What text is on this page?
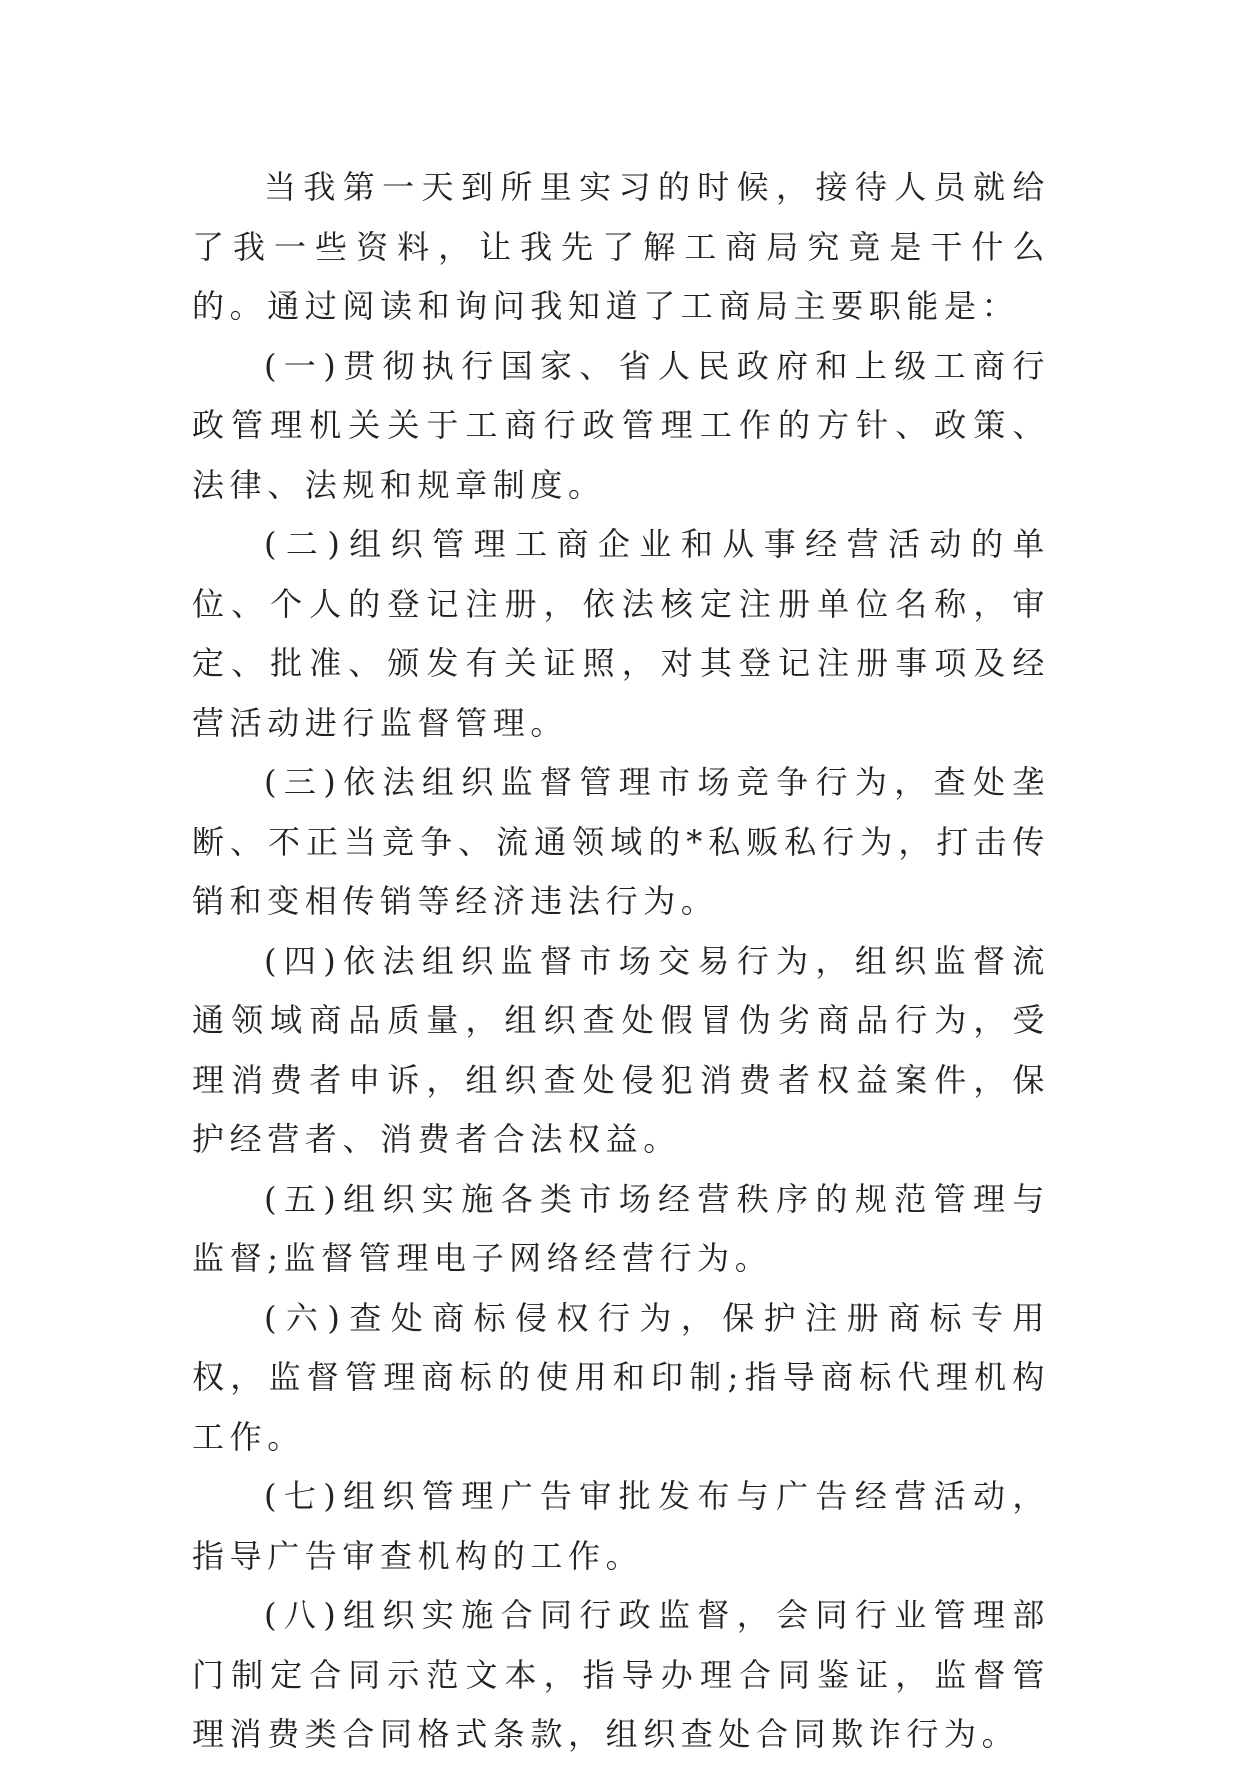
当我第一天到所里实习的时候，接待人员就给了我一些资料，让我先了解工商局究竟是干什么的。通过阅读和询问我知道了工商局主要职能是：

(一)贯彻执行国家、省人民政府和上级工商行政管理机关关于工商行政管理工作的方针、政策、法律、法规和规章制度。

(二)组织管理工商企业和从事经营活动的单位、个人的登记注册，依法核定注册单位名称，审定、批准、颁发有关证照，对其登记注册事项及经营活动进行监督管理。

(三)依法组织监督管理市场竞争行为，查处垄断、不正当竞争、流通领域的*私贩私行为，打击传销和变相传销等经济违法行为。

(四)依法组织监督市场交易行为，组织监督流通领域商品质量，组织查处假冒伪劣商品行为，受理消费者申诉，组织查处侵犯消费者权益案件，保护经营者、消费者合法权益。

(五)组织实施各类市场经营秩序的规范管理与监督;监督管理电子网络经营行为。

(六)查处商标侵权行为，保护注册商标专用权，监督管理商标的使用和印制;指导商标代理机构工作。

(七)组织管理广告审批发布与广告经营活动，指导广告审查机构的工作。

(八)组织实施合同行政监督，会同行业管理部门制定合同示范文本，指导办理合同鉴证，监督管理消费类合同格式条款，组织查处合同欺诈行为。
